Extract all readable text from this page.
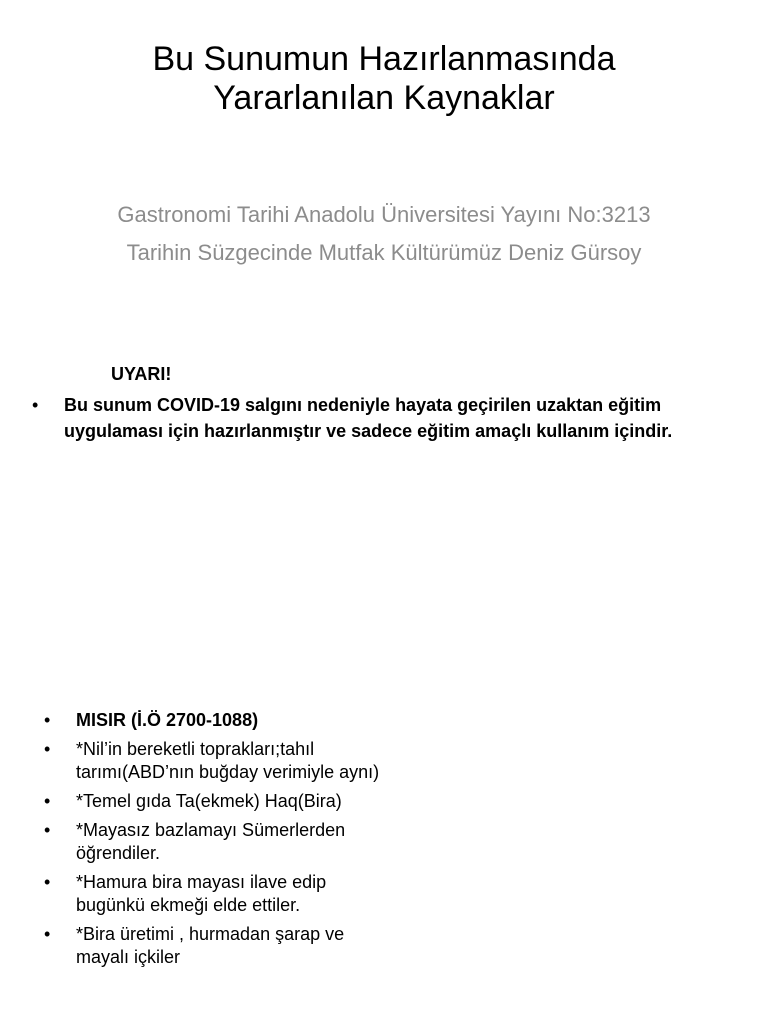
Bu Sunumun Hazırlanmasında
Yararlanılan Kaynaklar
Gastronomi Tarihi Anadolu Üniversitesi Yayını No:3213
Tarihin Süzgecinde Mutfak Kültürümüz Deniz Gürsoy
UYARI!
• Bu sunum COVID-19 salgını nedeniyle hayata geçirilen uzaktan eğitim uygulaması için hazırlanmıştır ve sadece eğitim amaçlı kullanım içindir.
• MISIR (İ.Ö 2700-1088)
• *Nil’in bereketli toprakları;tahıl tarımı(ABD’nın buğday verimiyle aynı)
• *Temel gıda Ta(ekmek) Haq(Bira)
• *Mayasız bazlamayı Sümerlerden öğrendiler.
• *Hamura bira mayası ilave edip bugünkü ekmeği elde ettiler.
• *Bira üretimi , hurmadan şarap ve mayalı içkiler
